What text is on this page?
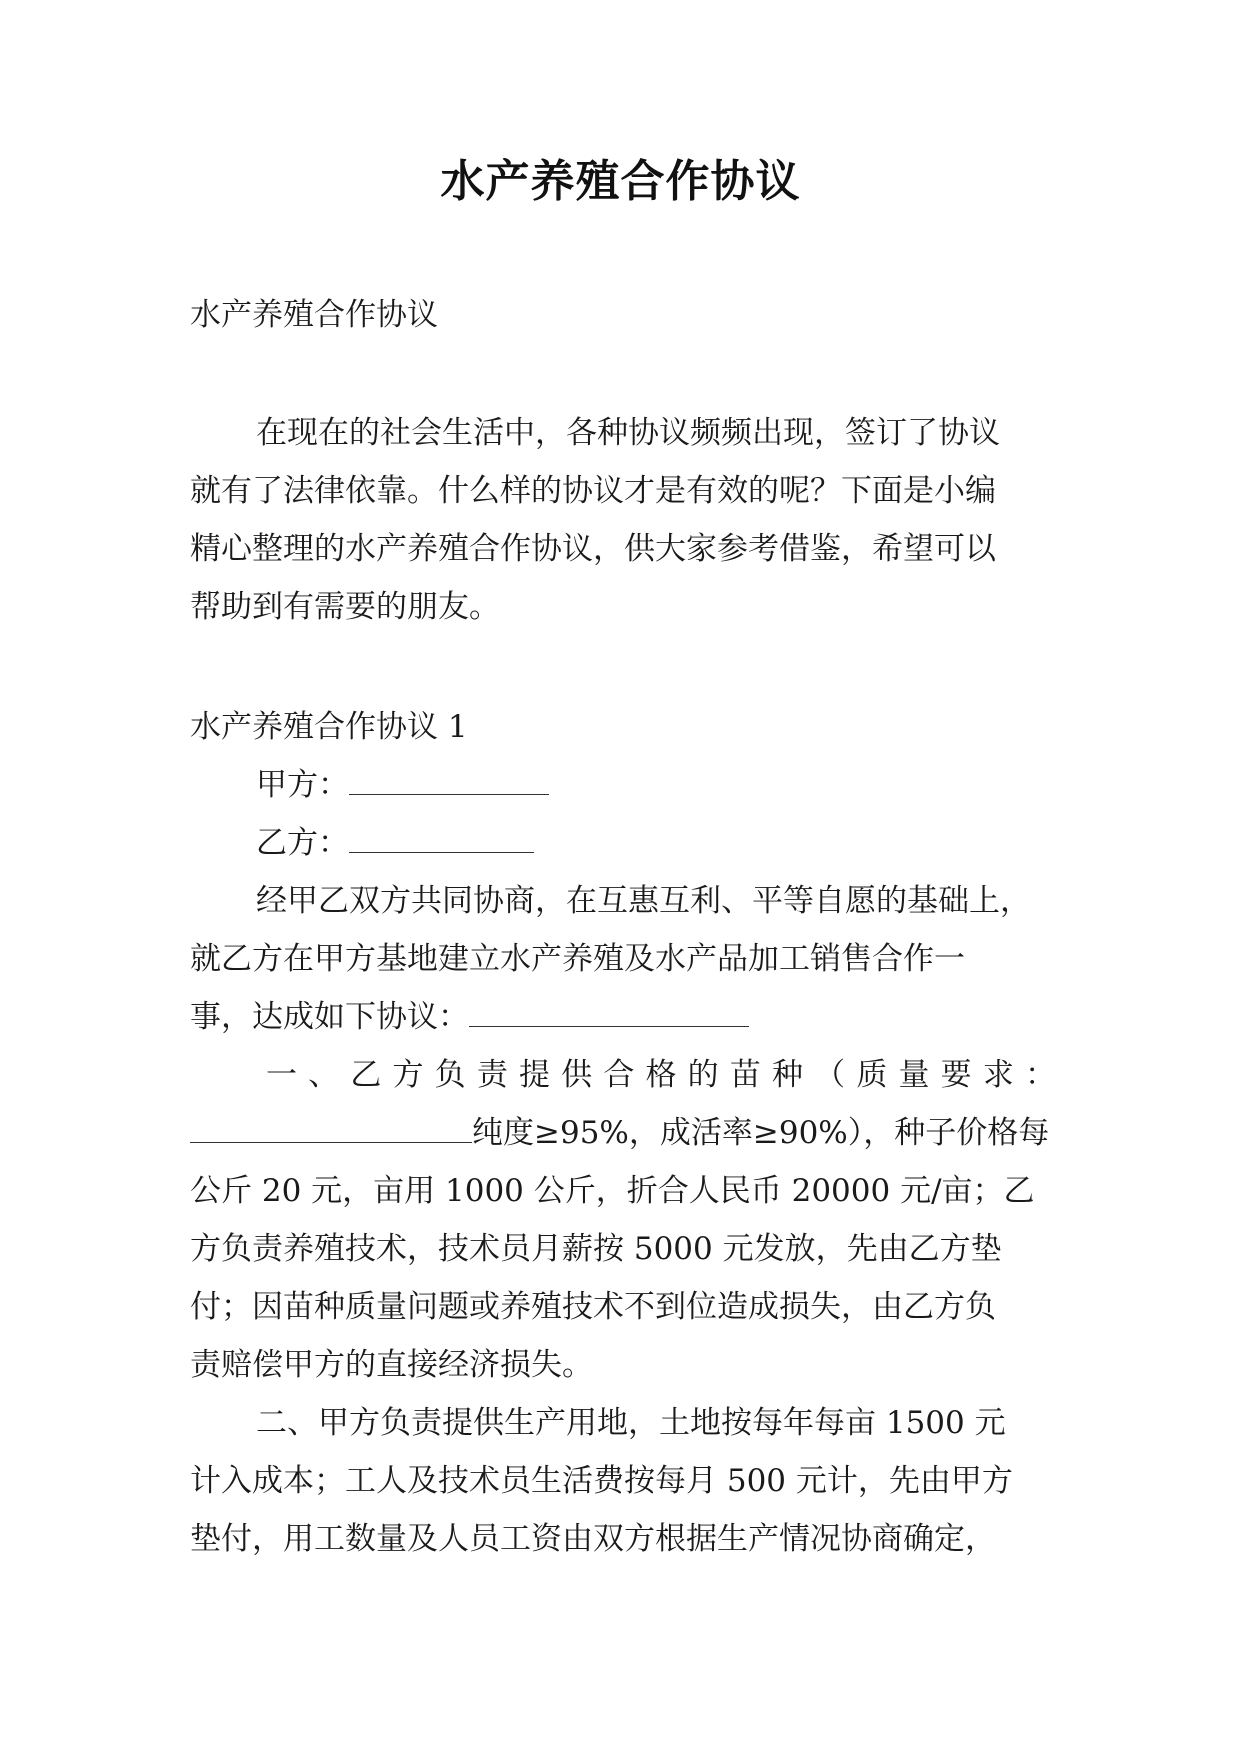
水产养殖合作协议
水产养殖合作协议
在现在的社会生活中，各种协议频频出现，签订了协议
就有了法律依靠。什么样的协议才是有效的呢？下面是小编
精心整理的水产养殖合作协议，供大家参考借鉴，希望可以
帮助到有需要的朋友。
水产养殖合作协议 1
甲方：
乙方：
经甲乙双方共同协商，在互惠互利、平等自愿的基础上，
就乙方在甲方基地建立水产养殖及水产品加工销售合作一
事，达成如下协议：
一、乙方负责提供合格的苗种（质量要求：
纯度≥95%，成活率≥90%），种子价格每
公斤 20 元，亩用 1000 公斤，折合人民币 20000 元/亩；乙
方负责养殖技术，技术员月薪按 5000 元发放，先由乙方垫
付；因苗种质量问题或养殖技术不到位造成损失，由乙方负
责赔偿甲方的直接经济损失。
二、甲方负责提供生产用地，土地按每年每亩 1500 元
计入成本；工人及技术员生活费按每月 500 元计，先由甲方
垫付，用工数量及人员工资由双方根据生产情况协商确定，
